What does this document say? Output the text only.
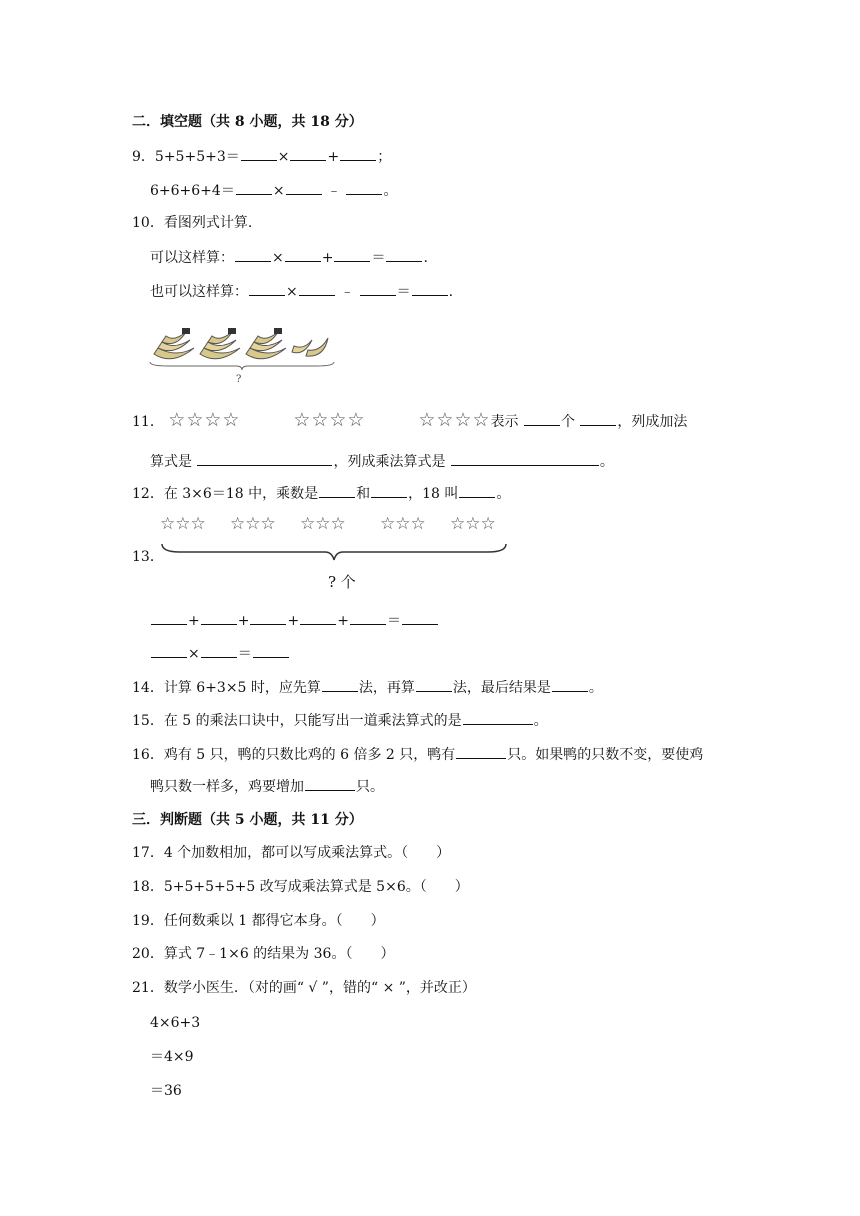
二．填空题（共 8 小题，共 18 分）
9．5+5+5+3＝	×	+	；
6+6+6+4＝	×	﹣	。
10．看图列式计算.
可以这样算：	×	+	＝	.
也可以这样算：	×	﹣	＝	.
?
11． ☆☆☆☆	☆☆☆☆	☆☆☆☆表示	个	，列成加法
算式是	，列成乘法算式是	。
12．在 3×6＝18 中，乘数是	和	，18 叫	。
13．
☆☆☆ ☆☆☆ ☆☆☆ ☆☆☆ ☆☆☆
? 个
+	+	+	+	＝
×	＝
14．计算 6+3×5 时，应先算	法，再算	法，最后结果是	。
15．在 5 的乘法口诀中，只能写出一道乘法算式的是	。
16．鸡有 5 只，鸭的只数比鸡的 6 倍多 2 只，鸭有	只。如果鸭的只数不变，要使鸡
鸭只数一样多，鸡要增加	只。
三．判断题（共 5 小题，共 11 分）
17．4 个加数相加，都可以写成乘法算式。（　　）
18．5+5+5+5+5 改写成乘法算式是 5×6。（　　）
19．任何数乘以 1 都得它本身。（　　）
20．算式 7﹣1×6 的结果为 36。（　　）
21．数学小医生．（对的画“ √ ”，错的“ × ”，并改正）
4×6+3
＝4×9
＝36
